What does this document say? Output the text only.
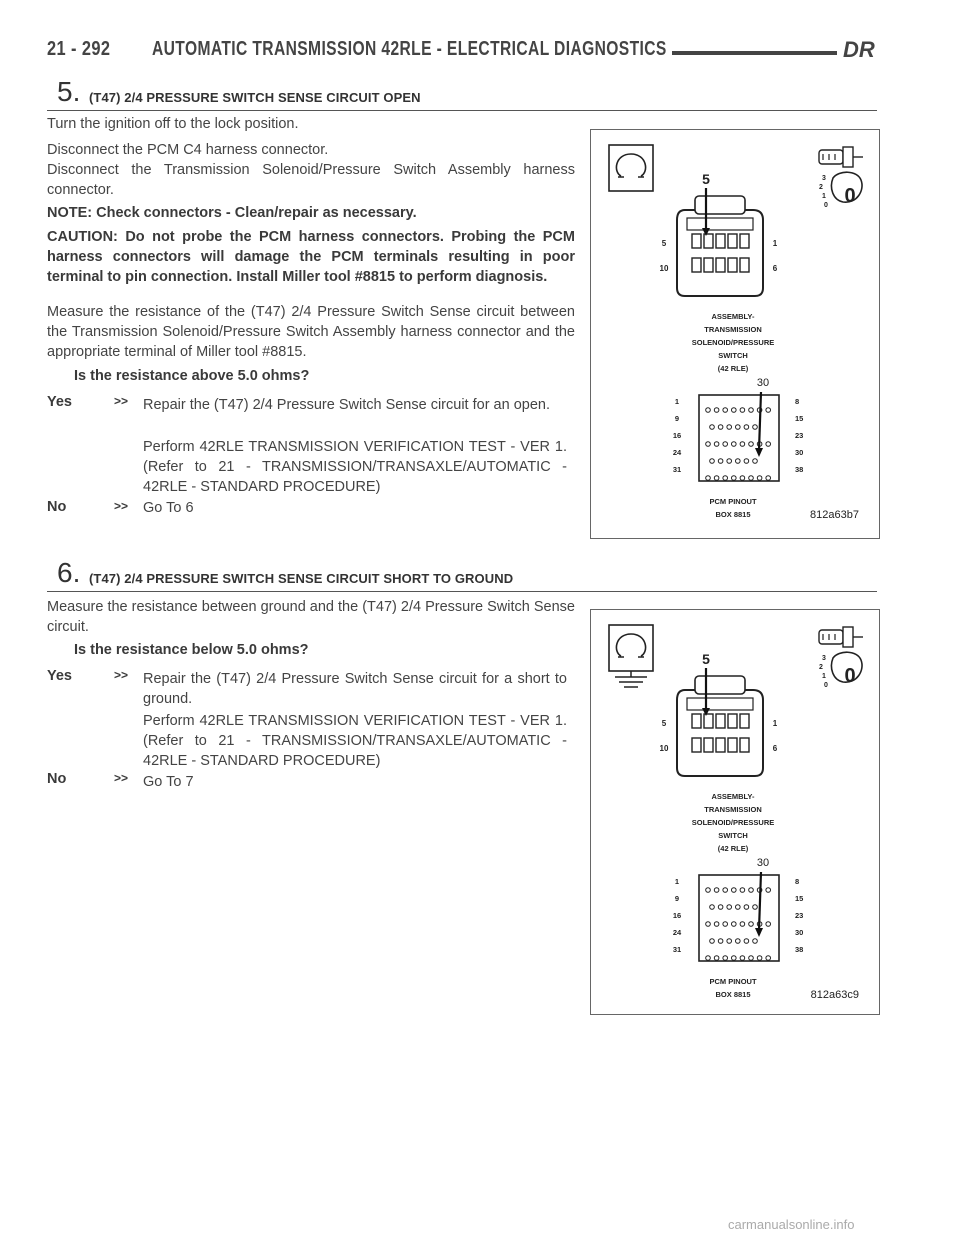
21 - 292 AUTOMATIC TRANSMISSION 42RLE - ELECTRICAL DIAGNOSTICS	DR
5. (T47) 2/4 PRESSURE SWITCH SENSE CIRCUIT OPEN

Turn the ignition off to the lock position.

Disconnect the PCM C4 harness connector.

Disconnect the Transmission Solenoid/Pressure Switch Assembly harness connector.

NOTE: Check connectors - Clean/repair as necessary.

CAUTION: Do not probe the PCM harness connectors. Probing the PCM harness connectors will damage the PCM terminals resulting in poor terminal to pin connection. Install Miller tool #8815 to perform diagnosis.

Measure the resistance of the (T47) 2/4 Pressure Switch Sense circuit between the Transmission Solenoid/Pressure Switch Assembly harness connector and the appropriate terminal of Miller tool #8815.

Is the resistance above 5.0 ohms?
Yes	>> Repair the (T47) 2/4 Pressure Switch Sense circuit for an open.

Perform 42RLE TRANSMISSION VERIFICATION TEST - VER 1. (Refer to 21 - TRANSMISSION/TRANSAXLE/AUTOMATIC - 42RLE - STANDARD PROCEDURE)

No	>> Go To 6

3
2
1
0 0
5
5
10
1
6
ASSEMBLY-
TRANSMISSION
SOLENOID/PRESSURE
SWITCH
(42 RLE)
30
1
9
16
24
31
8
15
23
30
38
PCM PINOUT
BOX 8815	812a63b7
6. (T47) 2/4 PRESSURE SWITCH SENSE CIRCUIT SHORT TO GROUND

Measure the resistance between ground and the (T47) 2/4 Pressure Switch Sense circuit.

Is the resistance below 5.0 ohms?
Yes	>> Repair the (T47) 2/4 Pressure Switch Sense circuit for a short to ground.

Perform 42RLE TRANSMISSION VERIFICATION TEST - VER 1. (Refer to 21 - TRANSMISSION/TRANSAXLE/AUTOMATIC - 42RLE - STANDARD PROCEDURE)

No	>> Go To 7

3
2
1
0 0
5
5
10
1
6
ASSEMBLY-
TRANSMISSION
SOLENOID/PRESSURE
SWITCH
(42 RLE)
30
1
9
16
24
31
8
15
23
30
38
PCM PINOUT
BOX 8815	812a63c9
carmanualsonline.info
